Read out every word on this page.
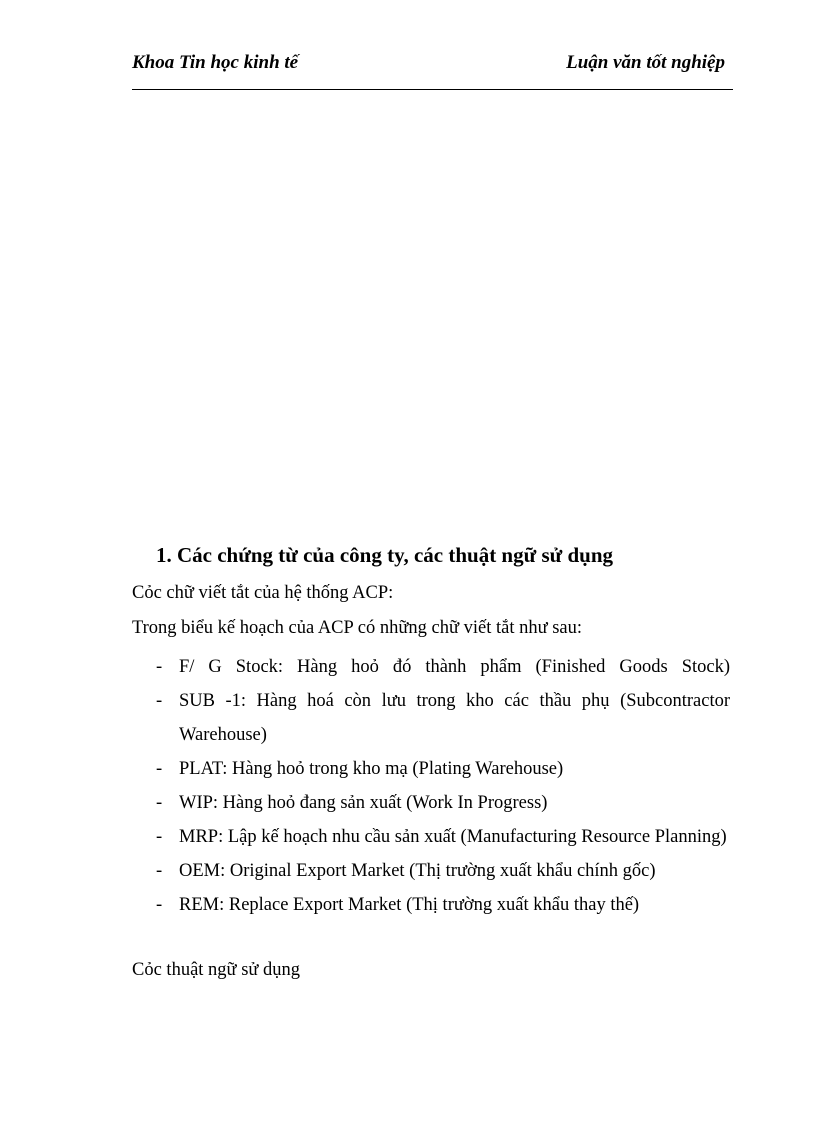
Khoa Tin học kinh tế	Luận văn tốt nghiệp
1. Các chứng từ của công ty, các thuật ngữ sử dụng
Cỏc chữ viết tắt của hệ thống ACP:
Trong biểu kế hoạch của ACP có những chữ viết tắt như sau:
- F/ G Stock: Hàng hoỏ đó thành phẩm (Finished Goods Stock)
- SUB -1: Hàng hoá còn lưu trong kho các thầu phụ (Subcontractor Warehouse)
- PLAT: Hàng hoỏ trong kho mạ (Plating Warehouse)
- WIP: Hàng hoỏ đang sản xuất (Work In Progress)
- MRP: Lập kế hoạch nhu cầu sản xuất (Manufacturing Resource Planning)
- OEM: Original Export Market (Thị trường xuất khẩu chính gốc)
- REM: Replace Export Market (Thị trường xuất khẩu thay thế)
Cỏc thuật ngữ sử dụng
